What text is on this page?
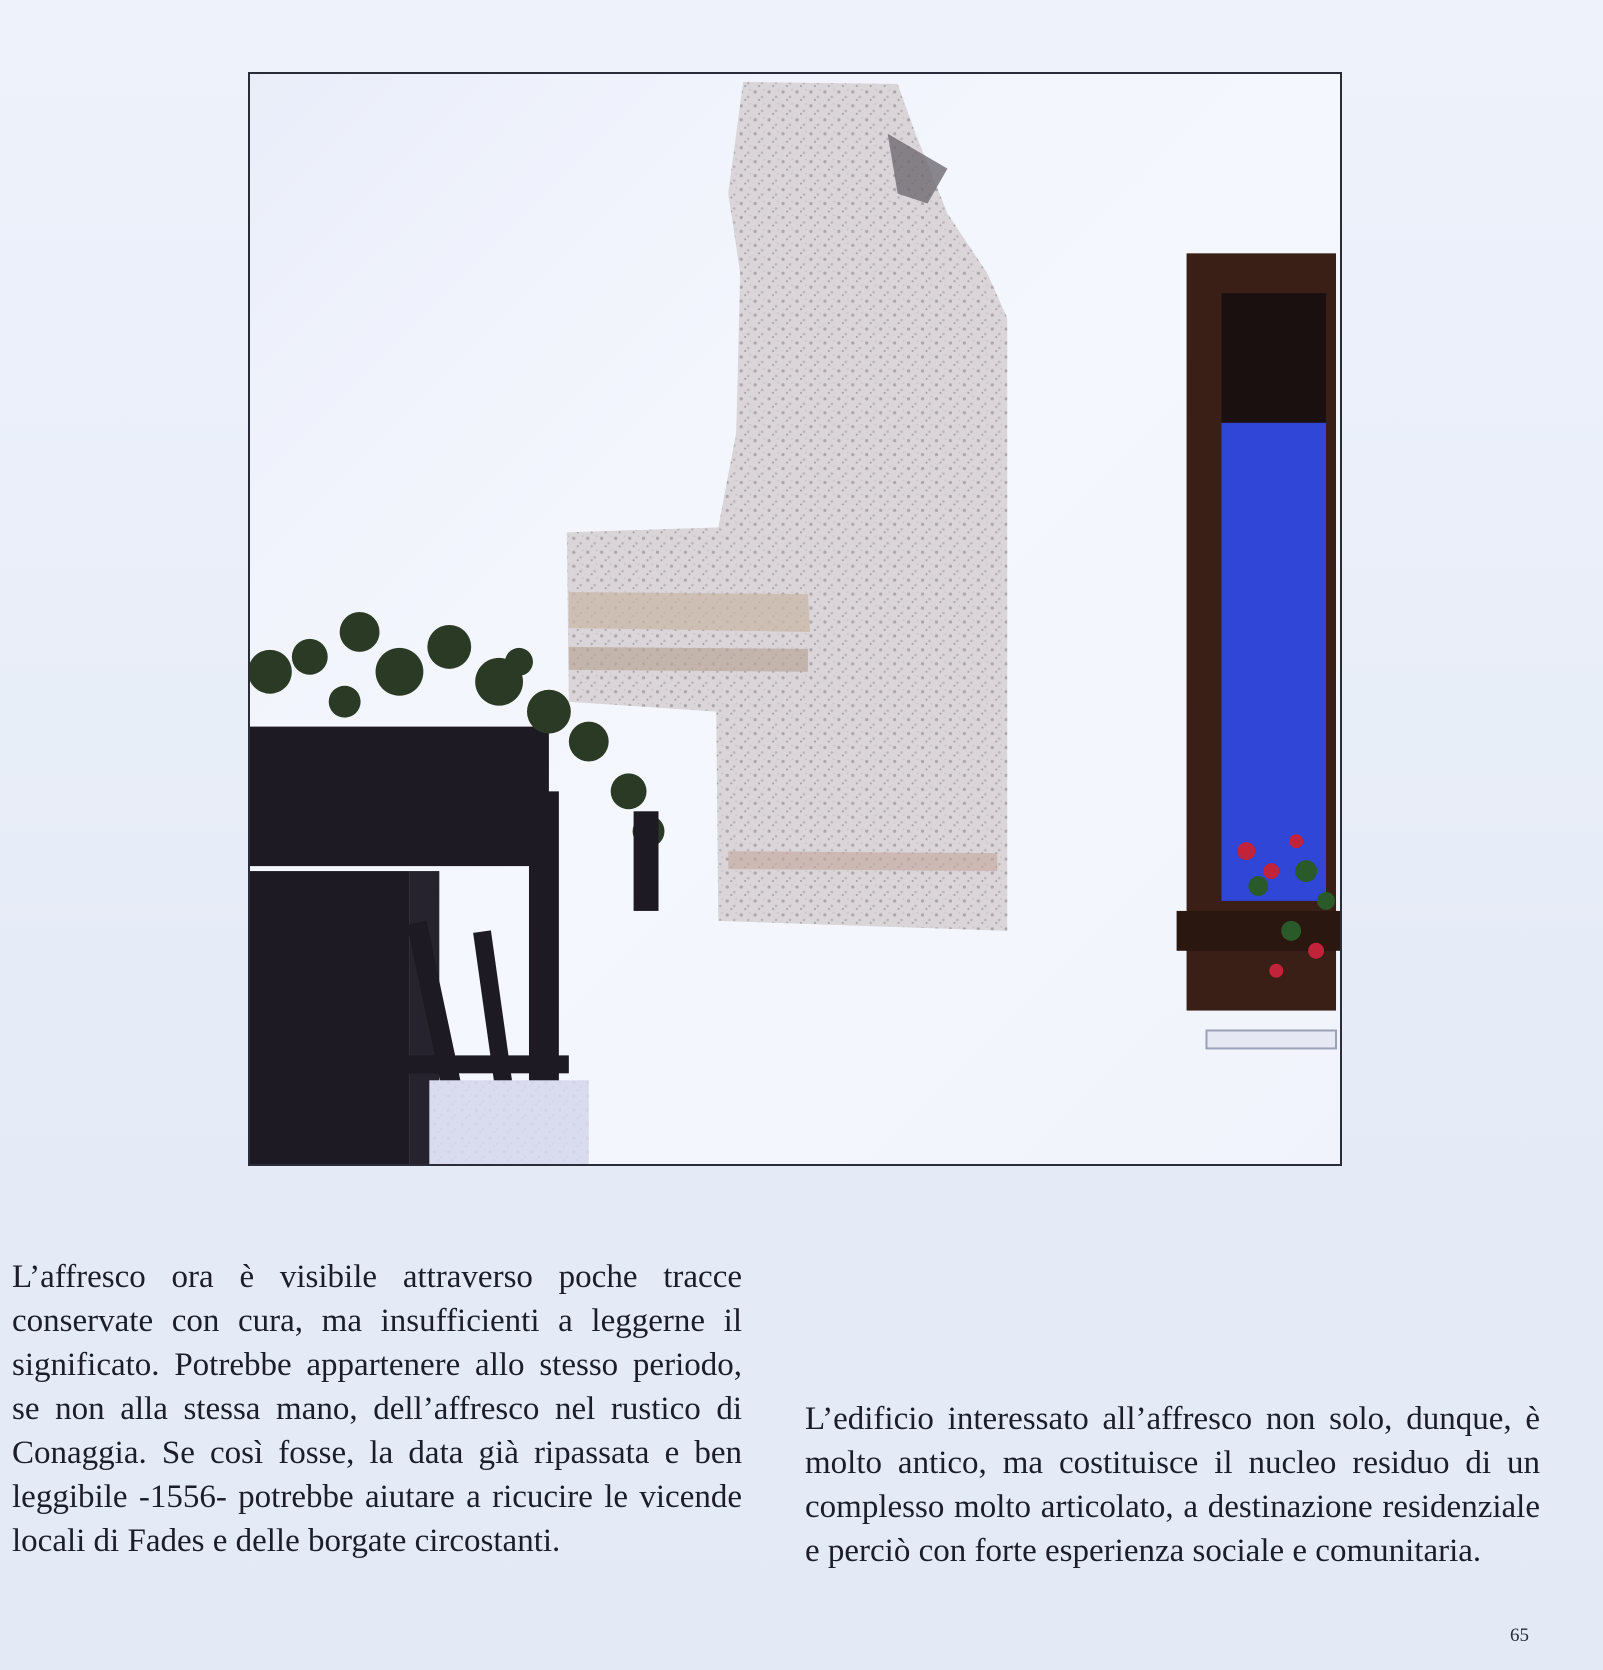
L’affresco ora è visibile attraverso poche tracce conservate con cura, ma insufficienti a leggerne il significato. Potrebbe appartenere allo stesso periodo, se non alla stessa mano, dell’affresco nel rustico di Conaggia. Se così fosse, la data già ripassata e ben leggibile -1556- potrebbe aiutare a ricucire le vicende locali di Fades e delle borgate circostanti.

L’edificio interessato all’affresco non solo, dunque, è molto antico, ma costituisce il nucleo residuo di un complesso molto articolato, a destinazione residenziale e perciò con forte esperienza sociale e comunitaria.

65
